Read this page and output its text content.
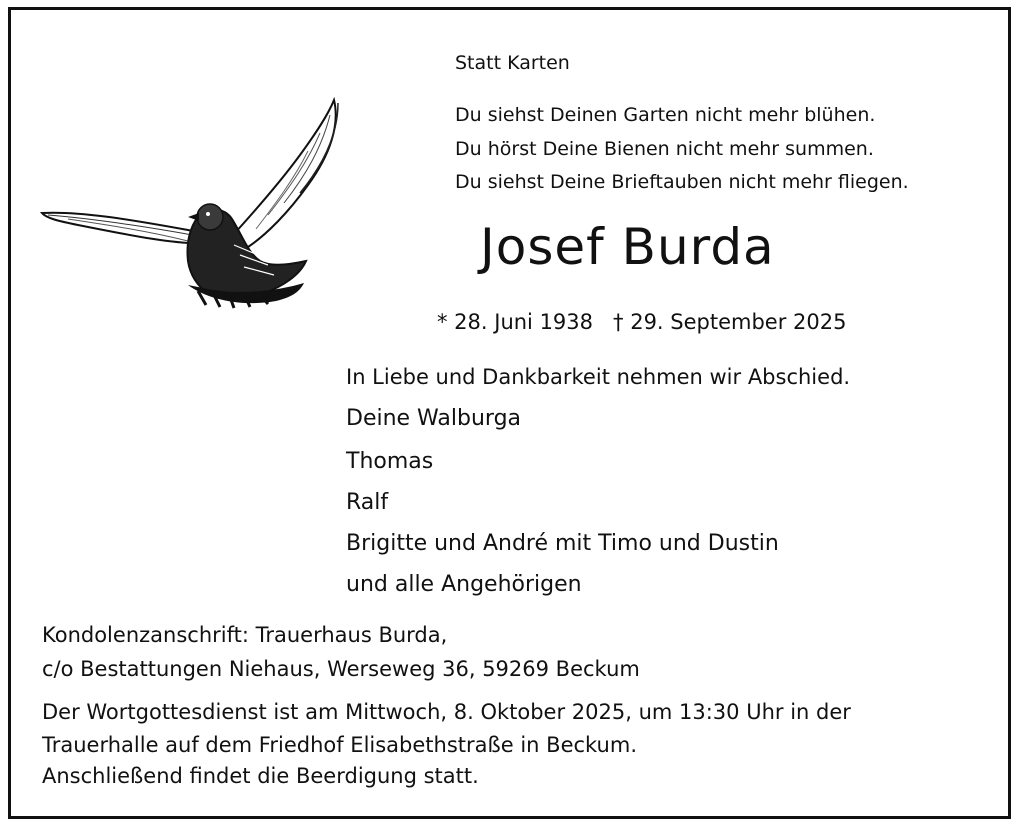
Statt Karten
Du siehst Deinen Garten nicht mehr blühen.
Du hörst Deine Bienen nicht mehr summen.
Du siehst Deine Brieftauben nicht mehr fliegen.
Josef Burda
* 28. Juni 1938   † 29. September 2025
In Liebe und Dankbarkeit nehmen wir Abschied.
Deine Walburga
Thomas
Ralf
Brigitte und André mit Timo und Dustin
und alle Angehörigen
Kondolenzanschrift: Trauerhaus Burda,
c/o Bestattungen Niehaus, Werseweg 36, 59269 Beckum
Der Wortgottesdienst ist am Mittwoch, 8. Oktober 2025, um 13:30 Uhr in der
Trauerhalle auf dem Friedhof Elisabethstraße in Beckum.
Anschließend findet die Beerdigung statt.
